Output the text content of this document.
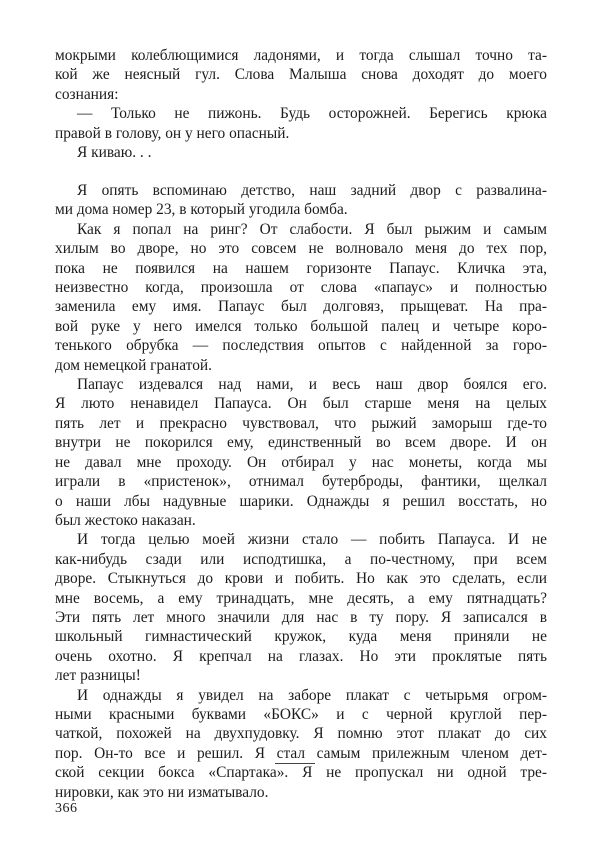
мокрыми колеблющимися ладонями, и тогда слышал точно та-
кой же неясный гул. Слова Малыша снова доходят до моего
сознания:
— Только не пижонь. Будь осторожней. Берегись крюка
правой в голову, он у него опасный.
Я киваю. . .
Я опять вспоминаю детство, наш задний двор с развалина-
ми дома номер 23, в который угодила бомба.
Как я попал на ринг? От слабости. Я был рыжим и самым
хилым во дворе, но это совсем не волновало меня до тех пор,
пока не появился на нашем горизонте Папаус. Кличка эта,
неизвестно когда, произошла от слова «папаус» и полностью
заменила ему имя. Папаус был долговяз, прыщеват. На пра-
вой руке у него имелся только большой палец и четыре коро-
тенького обрубка — последствия опытов с найденной за горо-
дом немецкой гранатой.
Папаус издевался над нами, и весь наш двор боялся его.
Я люто ненавидел Папауса. Он был старше меня на целых
пять лет и прекрасно чувствовал, что рыжий заморыш где-то
внутри не покорился ему, единственный во всем дворе. И он
не давал мне проходу. Он отбирал у нас монеты, когда мы
играли в «пристенок», отнимал бутерброды, фантики, щелкал
о наши лбы надувные шарики. Однажды я решил восстать, но
был жестоко наказан.
И тогда целью моей жизни стало — побить Папауса. И не
как-нибудь сзади или исподтишка, а по-честному, при всем
дворе. Стыкнуться до крови и побить. Но как это сделать, если
мне восемь, а ему тринадцать, мне десять, а ему пятнадцать?
Эти пять лет много значили для нас в ту пору. Я записался в
школьный гимнастический кружок, куда меня приняли не
очень охотно. Я крепчал на глазах. Но эти проклятые пять
лет разницы!
И однажды я увидел на заборе плакат с четырьмя огром-
ными красными буквами «БОКС» и с черной круглой пер-
чаткой, похожей на двухпудовку. Я помню этот плакат до сих
пор. Он-то все и решил. Я стал самым прилежным членом дет-
ской секции бокса «Спартака». Я не пропускал ни одной тре-
нировки, как это ни изматывало.
366
